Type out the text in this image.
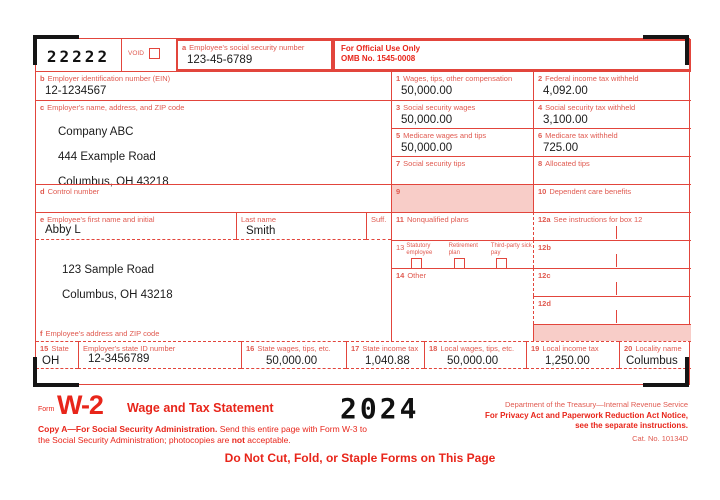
22222	VOID
a Employee's social security number
123-45-6789
For Official Use Only
OMB No. 1545-0008
b Employer identification number (EIN)
12-1234567
c Employer's name, address, and ZIP code
Company ABC
444 Example Road
Columbus, OH 43218
d Control number
e Employee's first name and initial
Abby L
Last name
Smith
Suff.
123 Sample Road
Columbus, OH 43218
f Employee's address and ZIP code
1 Wages, tips, other compensation
50,000.00
2 Federal income tax withheld
4,092.00
3 Social security wages
50,000.00
4 Social security tax withheld
3,100.00
5 Medicare wages and tips
50,000.00
6 Medicare tax withheld
725.00
7 Social security tips	8 Allocated tips
9	10 Dependent care benefits
11 Nonqualified plans	12a See instructions for box 12
13 Statutory employee
Retirement plan
Third-party sick pay
12b
14 Other	12c
12d
15 State
OH
Employer's state ID number
12-3456789
16 State wages, tips, etc.
50,000.00
17 State income tax
1,040.88
18 Local wages, tips, etc.
50,000.00
19 Local income tax
1,250.00
20 Locality name
Columbus
Form W-2 Wage and Tax Statement 2024	Department of the Treasury—Internal Revenue Service
For Privacy Act and Paperwork Reduction Act Notice, see the separate instructions.
Cat. No. 10134D
Copy A—For Social Security Administration. Send this entire page with Form W-3 to the Social Security Administration; photocopies are not acceptable.
Do Not Cut, Fold, or Staple Forms on This Page
